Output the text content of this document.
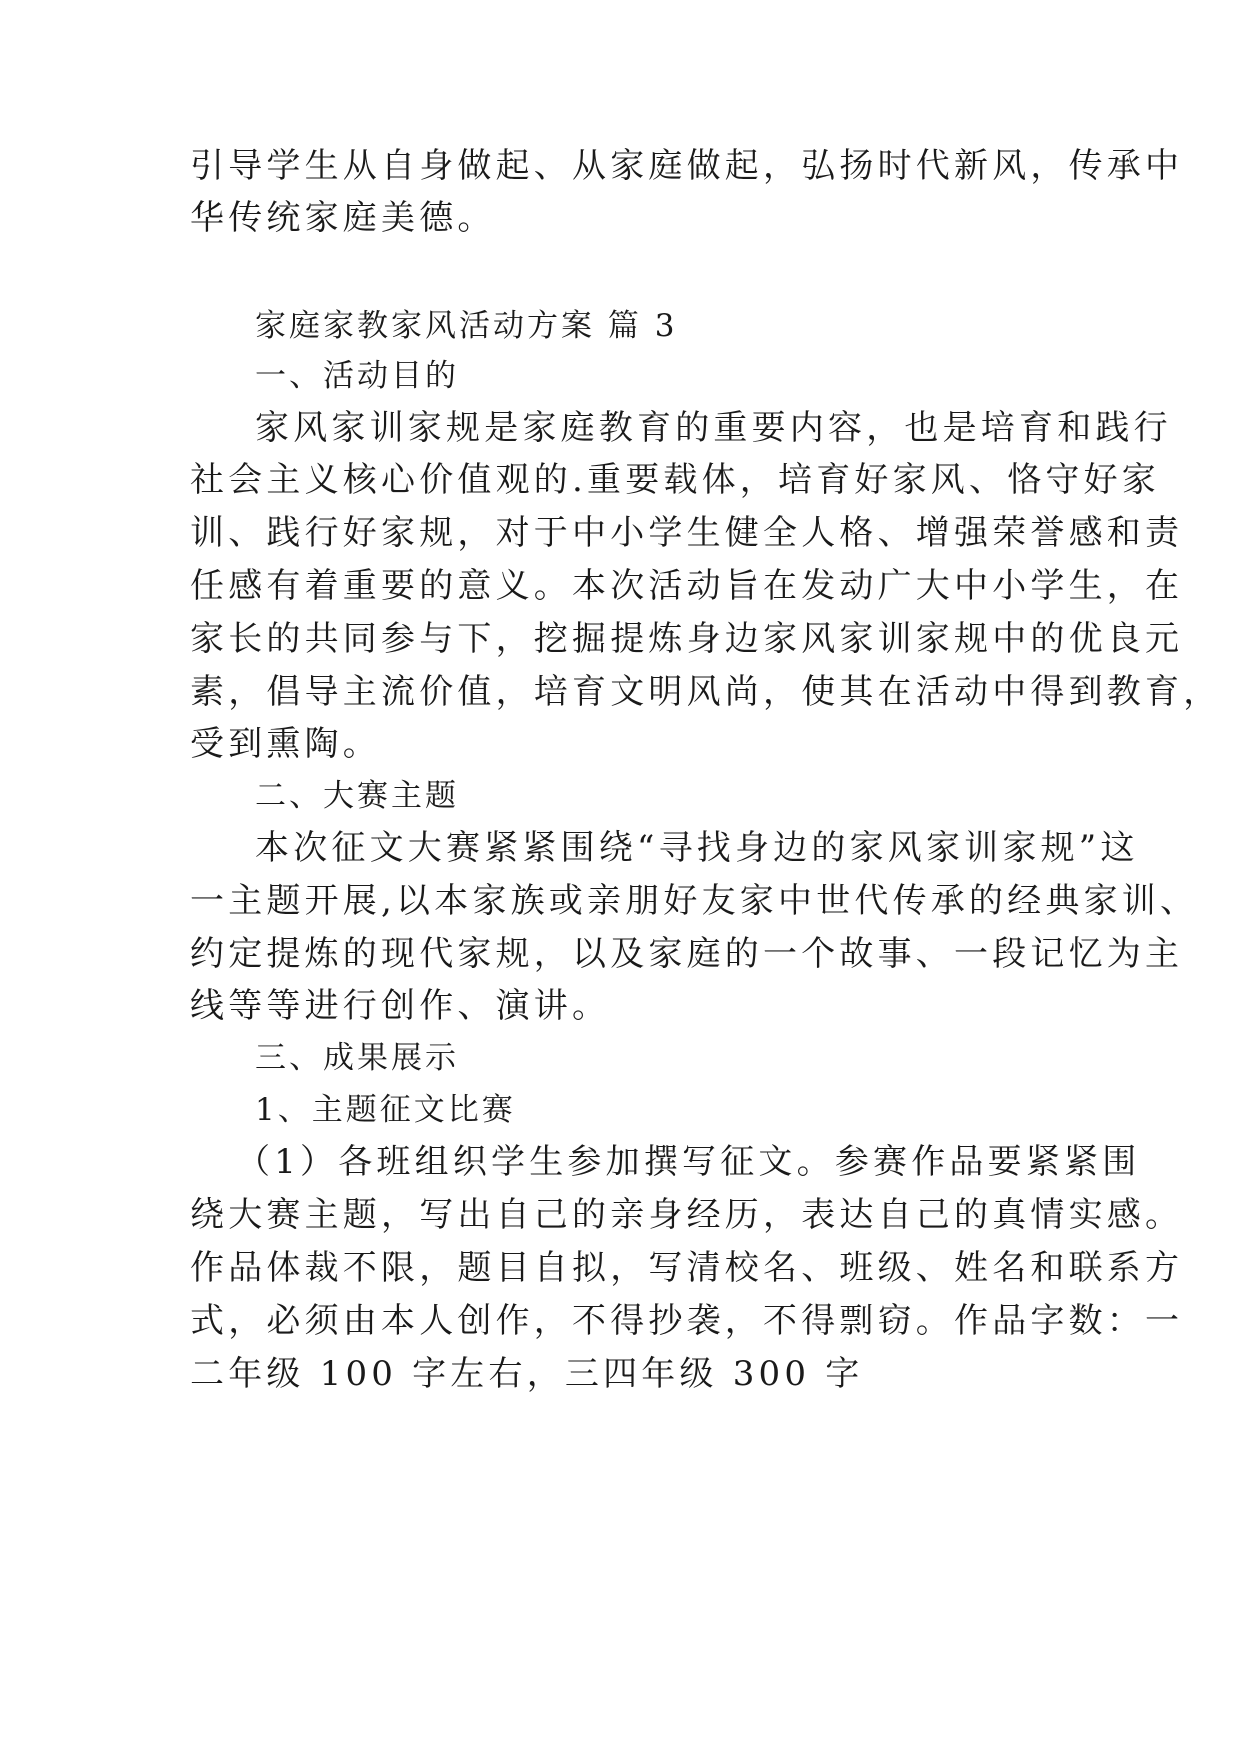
引导学生从自身做起、从家庭做起，弘扬时代新风，传承中
华传统家庭美德。
家庭家教家风活动方案 篇 3
一、活动目的
家风家训家规是家庭教育的重要内容，也是培育和践行
社会主义核心价值观的.重要载体，培育好家风、恪守好家
训、践行好家规，对于中小学生健全人格、增强荣誉感和责
任感有着重要的意义。本次活动旨在发动广大中小学生，在
家长的共同参与下，挖掘提炼身边家风家训家规中的优良元
素，倡导主流价值，培育文明风尚，使其在活动中得到教育，
受到熏陶。
二、大赛主题
本次征文大赛紧紧围绕“寻找身边的家风家训家规”这
一主题开展,以本家族或亲朋好友家中世代传承的经典家训、
约定提炼的现代家规，以及家庭的一个故事、一段记忆为主
线等等进行创作、演讲。
三、成果展示
1、主题征文比赛
（1）各班组织学生参加撰写征文。参赛作品要紧紧围
绕大赛主题，写出自己的亲身经历，表达自己的真情实感。
作品体裁不限，题目自拟，写清校名、班级、姓名和联系方
式，必须由本人创作，不得抄袭，不得剽窃。作品字数：一
二年级 100 字左右，三四年级 300 字
